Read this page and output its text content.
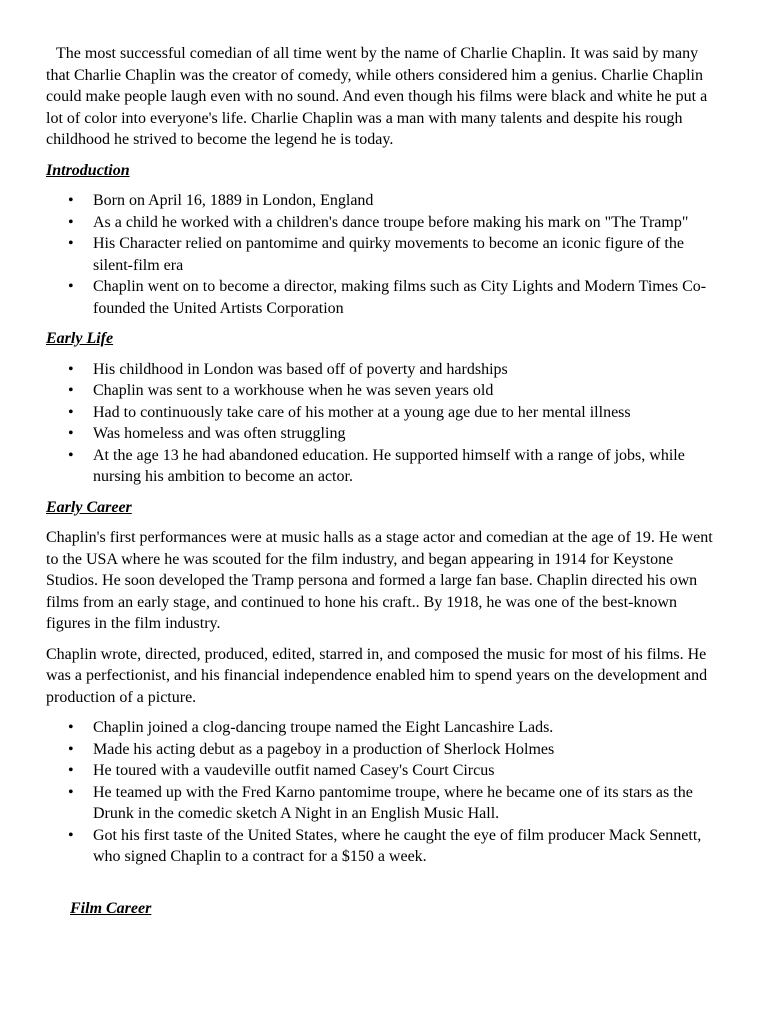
The most successful comedian of all time went by the name of Charlie Chaplin. It was said by many that Charlie Chaplin was the creator of comedy, while others considered him a genius. Charlie Chaplin could make people laugh even with no sound. And even though his films were black and white he put a lot of color into everyone's life. Charlie Chaplin was a man with many talents and despite his rough childhood he strived to become the legend he is today.

Introduction

• Born on April 16, 1889 in London, England
• As a child he worked with a children's dance troupe before making his mark on "The Tramp"
• His Character relied on pantomime and quirky movements to become an iconic figure of the silent-film era
• Chaplin went on to become a director, making films such as City Lights and Modern Times Co-founded the United Artists Corporation

Early Life

• His childhood in London was based off of poverty and hardships
• Chaplin was sent to a workhouse when he was seven years old
• Had to continuously take care of his mother at a young age due to her mental illness
• Was homeless and was often struggling
• At the age 13 he had abandoned education. He supported himself with a range of jobs, while nursing his ambition to become an actor.

Early Career

Chaplin's first performances were at music halls as a stage actor and comedian at the age of 19. He went to the USA where he was scouted for the film industry, and began appearing in 1914 for Keystone Studios. He soon developed the Tramp persona and formed a large fan base. Chaplin directed his own films from an early stage, and continued to hone his craft.. By 1918, he was one of the best-known figures in the film industry.

Chaplin wrote, directed, produced, edited, starred in, and composed the music for most of his films. He was a perfectionist, and his financial independence enabled him to spend years on the development and production of a picture.

• Chaplin joined a clog-dancing troupe named the Eight Lancashire Lads.
• Made his acting debut as a pageboy in a production of Sherlock Holmes
• He toured with a vaudeville outfit named Casey's Court Circus
• He teamed up with the Fred Karno pantomime troupe, where he became one of its stars as the Drunk in the comedic sketch A Night in an English Music Hall.
• Got his first taste of the United States, where he caught the eye of film producer Mack Sennett, who signed Chaplin to a contract for a $150 a week.

Film Career
